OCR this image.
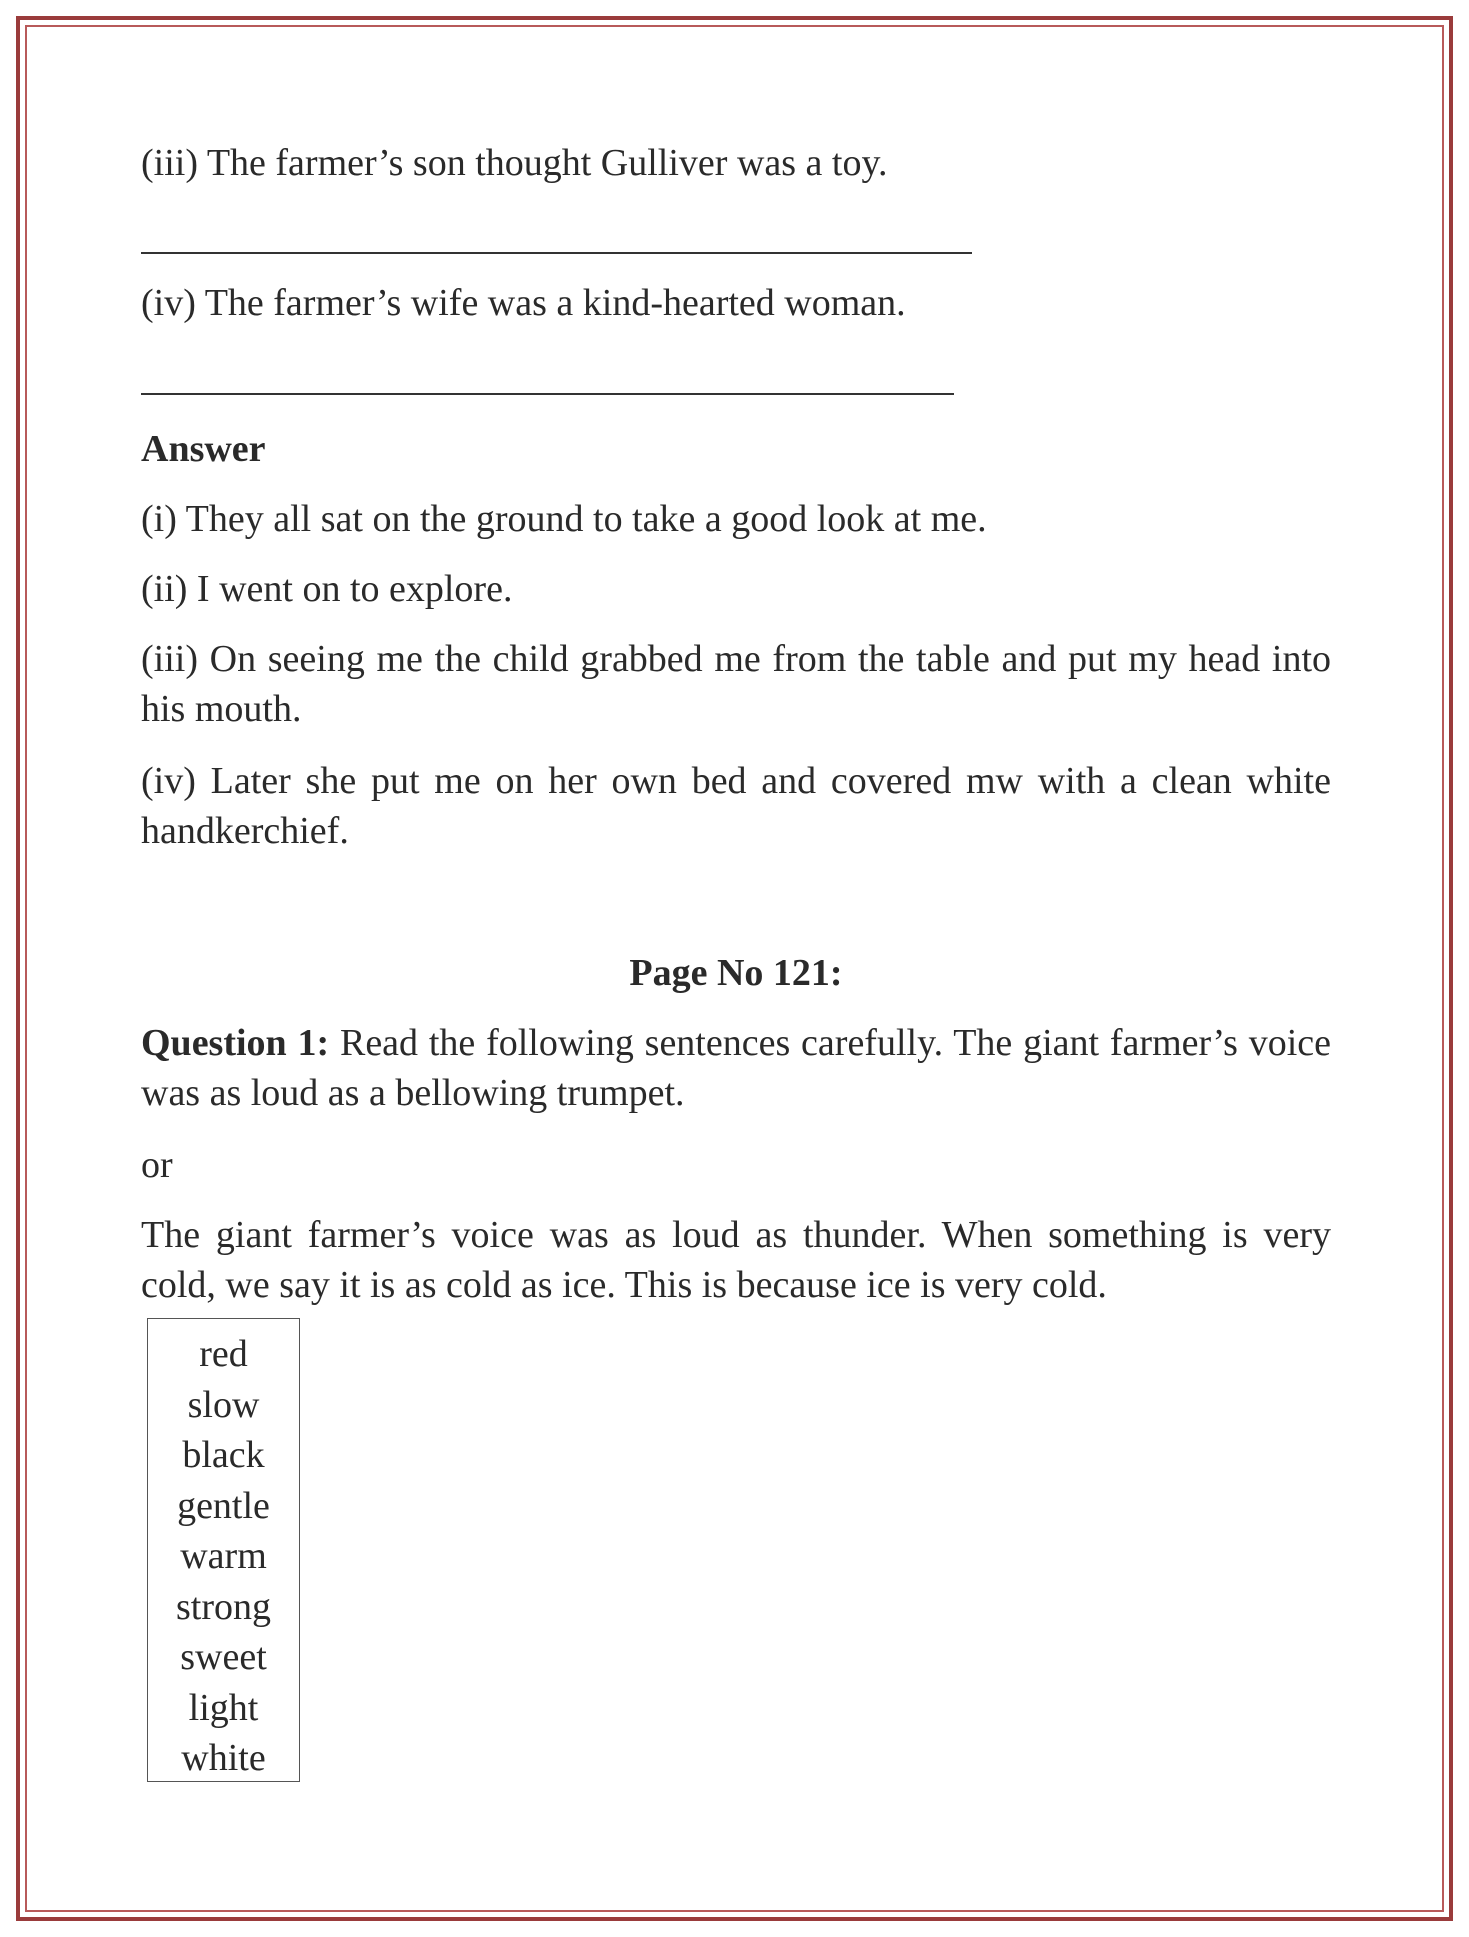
(iii) The farmer’s son thought Gulliver was a toy.

(iv) The farmer’s wife was a kind-hearted woman.

Answer

(i) They all sat on the ground to take a good look at me.

(ii) I went on to explore.

(iii) On seeing me the child grabbed me from the table and put my head into his mouth.

(iv) Later she put me on her own bed and covered mw with a clean white handkerchief.

Page No 121:

Question 1: Read the following sentences carefully. The giant farmer’s voice was as loud as a bellowing trumpet.

or

The giant farmer’s voice was as loud as thunder. When something is very cold, we say it is as cold as ice. This is because ice is very cold.

red
slow
black
gentle
warm
strong
sweet
light
white
